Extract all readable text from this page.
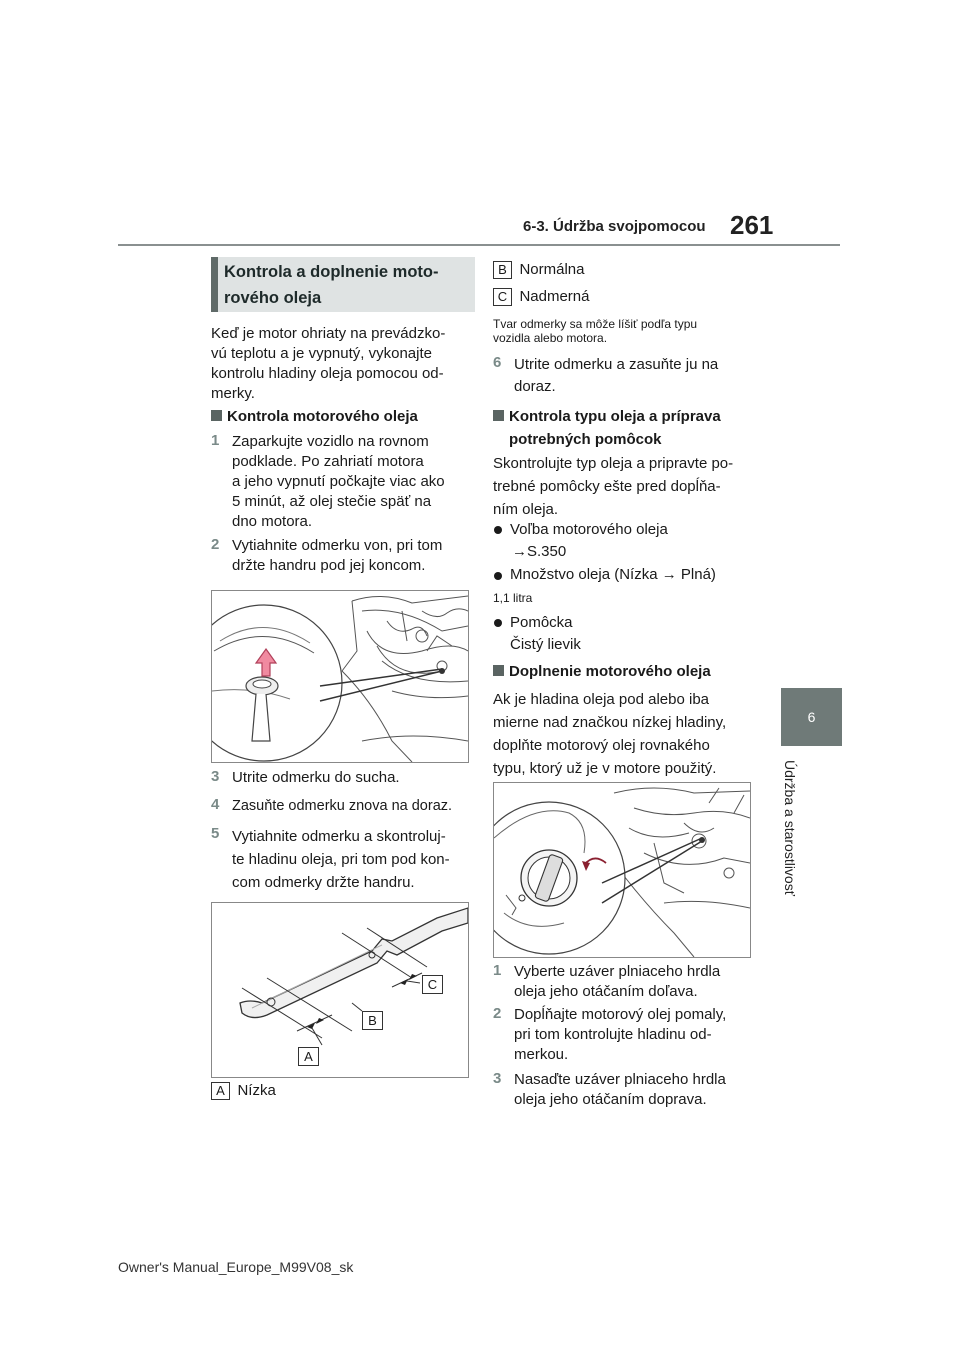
6-3. Údržba svojpomocou 261
6
Údržba a starostlivosť
Kontrola a doplnenie moto-
rového oleja
Keď je motor ohriaty na prevádzko-
vú teplotu a je vypnutý, vykonajte
kontrolu hladiny oleja pomocou od-
merky.
Kontrola motorového oleja
1 Zaparkujte vozidlo na rovnom
podklade. Po zahriatí motora
a jeho vypnutí počkajte viac ako
5 minút, až olej stečie späť na
dno motora.
2 Vytiahnite odmerku von, pri tom
držte handru pod jej koncom.
3 Utrite odmerku do sucha.
4 Zasuňte odmerku znova na doraz.
5 Vytiahnite odmerku a skontroluj-
te hladinu oleja, pri tom pod kon-
com odmerky držte handru.
C
B
A
A Nízka
B Normálna
C Nadmerná
Tvar odmerky sa môže líšiť podľa typu
vozidla alebo motora.
6 Utrite odmerku a zasuňte ju na
doraz.
Kontrola typu oleja a príprava
potrebných pomôcok
Skontrolujte typ oleja a pripravte po-
trebné pomôcky ešte pred dopĺňa-
ním oleja.
Voľba motorového oleja
→S.350
Množstvo oleja (Nízka → Plná)
1,1 litra
Pomôcka
Čistý lievik
Doplnenie motorového oleja
Ak je hladina oleja pod alebo iba
mierne nad značkou nízkej hladiny,
doplňte motorový olej rovnakého
typu, ktorý už je v motore použitý.
1 Vyberte uzáver plniaceho hrdla
oleja jeho otáčaním doľava.
2 Dopĺňajte motorový olej pomaly,
pri tom kontrolujte hladinu od-
merkou.
3 Nasaďte uzáver plniaceho hrdla
oleja jeho otáčaním doprava.
Owner's Manual_Europe_M99V08_sk
